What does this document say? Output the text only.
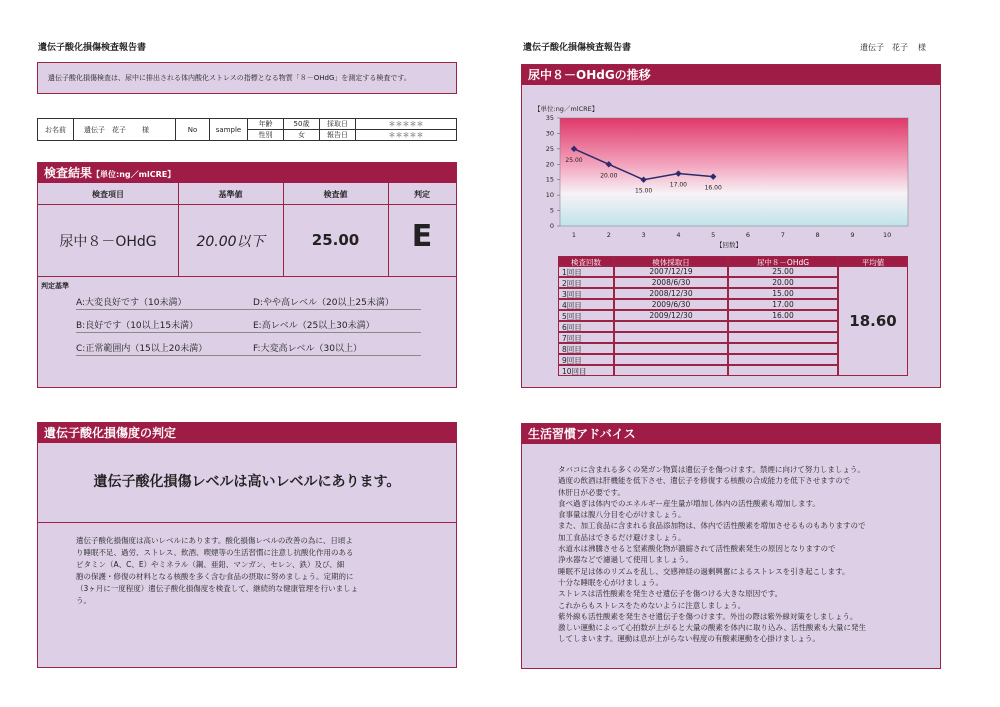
遺伝子酸化損傷検査報告書
遺伝子酸化損傷検査は、尿中に排出される体内酸化ストレスの指標となる物質「８－OHdG」を測定する検査です。
お名前	遺伝子　花子 様	No	sample	年齢	50歳	採取日	＊＊＊＊＊
				性別	女	報告日	＊＊＊＊＊
検査結果【単位:ng／mlCRE】
検査項目	基準値	検査値	判定
尿中８－OHdG	20.00以下	25.00	E
判定基準
A:大変良好です（10未満）	D:やや高レベル（20以上25未満）
B:良好です（10以上15未満）	E:高レベル（25以上30未満）
C:正常範囲内（15以上20未満）	F:大変高レベル（30以上）
遺伝子酸化損傷度の判定
遺伝子酸化損傷レベルは高いレベルにあります。
遺伝子酸化損傷度は高いレベルにあります。酸化損傷レベルの改善の為に、日頃よ
り睡眠不足、過労、ストレス、飲酒、喫煙等の生活習慣に注意し抗酸化作用のある
ビタミン（A、C、E）やミネラル（鋼、亜鉛、マンガン、セレン、鉄）及び、細
胞の保護・修復の材料となる核酸を多く含む食品の摂取に努めましょう。定期的に
（3ヶ月に一度程度）遺伝子酸化損傷度を検査して、継続的な健康管理を行いましょ
う。
遺伝子酸化損傷検査報告書	遺伝子　花子 様
尿中８－OHdGの推移
【単位:ng／mlCRE】
【回数】
0
5
10
15
20
25
30
35
1	2	3	4	5	6	7	8	9	10
25.00
20.00
15.00
17.00	16.00
検査回数	検体採取日	尿中８－OHdG	平均値
1回目	2007/12/19	25.00
2回目	2008/6/30	20.00
3回目	2008/12/30	15.00
4回目	2009/6/30	17.00
5回目	2009/12/30	16.00
6回目
7回目
8回目
9回目
10回目
18.60
生活習慣アドバイス
タバコに含まれる多くの発ガン物質は遺伝子を傷つけます。禁煙に向けて努力しましょう。
過度の飲酒は肝機能を低下させ、遺伝子を修復する核酸の合成能力を低下させますので
休肝日が必要です。
食べ過ぎは体内でのエネルギー産生量が増加し体内の活性酸素も増加します。
食事量は腹八分目を心がけましょう。
また、加工食品に含まれる食品添加物は、体内で活性酸素を増加させるものもありますので
加工食品はできるだけ避けましょう。
水道水は沸騰させると窒素酸化物が濃縮されて活性酸素発生の原因となりますので
浄水器などで濾過して使用しましょう。
睡眠不足は体のリズムを乱し、交感神経の過剰興奮によるストレスを引き起こします。
十分な睡眠を心がけましょう。
ストレスは活性酸素を発生させ遺伝子を傷つける大きな原因です。
これからもストレスをためないように注意しましょう。
紫外線も活性酸素を発生させ遺伝子を傷つけます。外出の際は紫外線対策をしましょう。
激しい運動によって心拍数が上がると大量の酸素を体内に取り込み、活性酸素も大量に発生
してしまいます。運動は息が上がらない程度の有酸素運動を心掛けましょう。
